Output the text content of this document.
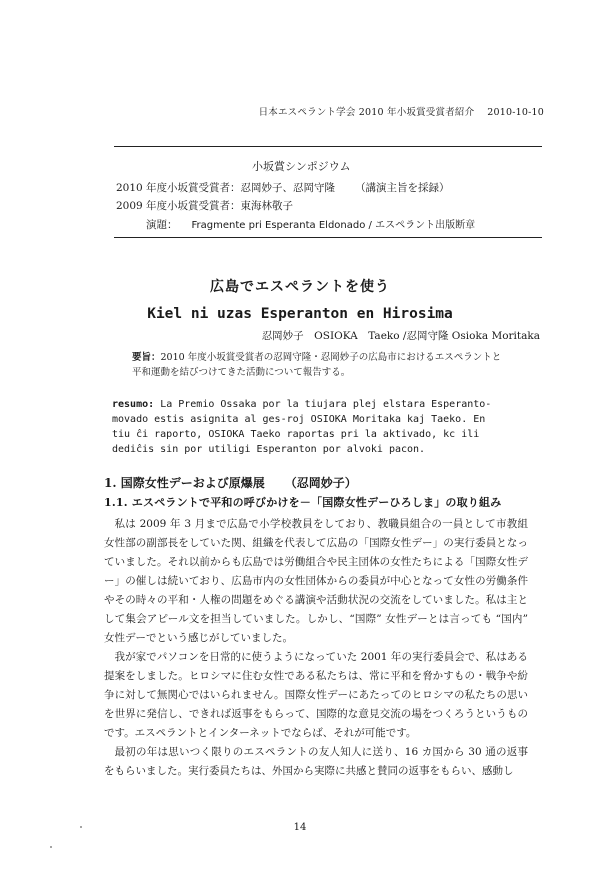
日本エスペラント学会 2010 年小坂賞受賞者紹介　 2010-10-10
小坂賞シンポジウム
2010 年度小坂賞受賞者：忍岡妙子、忍岡守隆 （講演主旨を採録）
2009 年度小坂賞受賞者：東海林敬子
演題： Fragmente pri Esperanta Eldonado / エスペラント出版断章
広島でエスペラントを使う
Kiel ni uzas Esperanton en Hirosima
忍岡妙子　OSIOKA　Taeko /忍岡守隆 Osioka Moritaka
要旨：2010 年度小坂賞受賞者の忍岡守隆・忍岡妙子の広島市におけるエスペラントと平和運動を結びつけてきた活動について報告する。
resumo: La Premio Ossaka por la tiujara plej elstara Esperanto-movado estis asignita al ges-roj OSIOKA Moritaka kaj Taeko. En tiu ĉi raporto, OSIOKA Taeko raportas pri la aktivado, kc ili dediĉis sin por utiligi Esperanton por alvoki pacon.
1. 国際女性デーおよび原爆展 （忍岡妙子）
1.1. エスペラントで平和の呼びかけを－「国際女性デーひろしま」の取り組み

私は 2009 年 3 月まで広島で小学校教員をしており、教職員組合の一員として市教組女性部の副部長をしていた関、組織を代表して広島の「国際女性デー」の実行委員となっていました。それ以前からも広島では労働組合や民主団体の女性たちによる「国際女性デー」の催しは続いており、広島市内の女性団体からの委員が中心となって女性の労働条件やその時々の平和・人権の問題をめぐる講演や活動状況の交流をしていました。私は主として集会アピール文を担当していました。しかし、“国際” 女性デーとは言っても “国内” 女性デーでという感じがしていました。

我が家でパソコンを日常的に使うようになっていた 2001 年の実行委員会で、私はある提案をしました。ヒロシマに住む女性である私たちは、常に平和を脅かすもの・戦争や紛争に対して無関心ではいられません。国際女性デーにあたってのヒロシマの私たちの思いを世界に発信し、できれば返事をもらって、国際的な意見交流の場をつくろうというものです。エスペラントとインターネットでならば、それが可能です。

最初の年は思いつく限りのエスペラントの友人知人に送り、16 カ国から 30 通の返事をもらいました。実行委員たちは、外国から実際に共感と賛同の返事をもらい、感動し

14
